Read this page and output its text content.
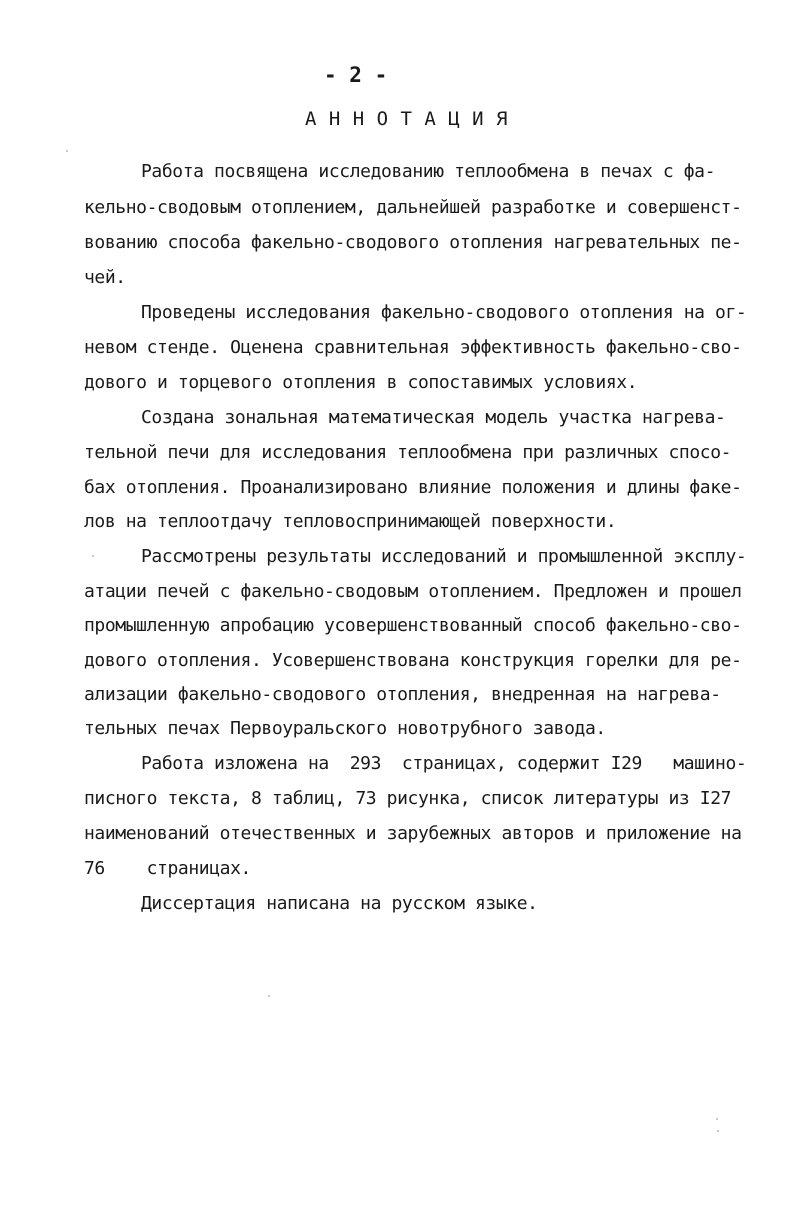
- 2 -
А Н Н О Т А Ц И Я
Работа посвящена исследованию теплообмена в печах с фа-
кельно-сводовым отоплением, дальнейшей разработке и совершенст-
вованию способа факельно-сводового отопления нагревательных пе-
чей.
Проведены исследования факельно-сводового отопления на ог-
невом стенде. Оценена сравнительная эффективность факельно-сво-
дового и торцевого отопления в сопоставимых условиях.
Создана зональная математическая модель участка нагрева-
тельной печи для исследования теплообмена при различных спосо-
бах отопления. Проанализировано влияние положения и длины факе-
лов на теплоотдачу тепловоспринимающей поверхности.
Рассмотрены результаты исследований и промышленной эксплу-
атации печей с факельно-сводовым отоплением. Предложен и прошел
промышленную апробацию усовершенствованный способ факельно-сво-
дового отопления. Усовершенствована конструкция горелки для ре-
ализации факельно-сводового отопления, внедренная на нагрева-
тельных печах Первоуральского новотрубного завода.
Работа изложена на  293  страницах, содержит I29   машино-
писного текста, 8 таблиц, 73 рисунка, список литературы из I27
наименований отечественных и зарубежных авторов и приложение на
76    страницах.
Диссертация написана на русском языке.
